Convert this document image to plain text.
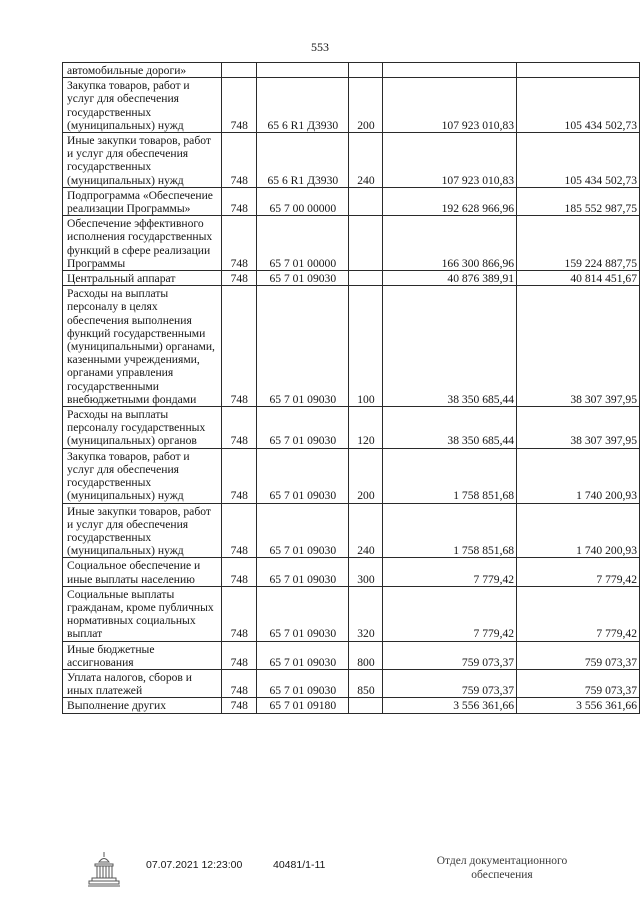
553
автомобильные дороги»					
Закупка товаров, работ и услуг для обеспечения государственных (муниципальных) нужд	748	65 6 R1 Д3930	200	107 923 010,83	105 434 502,73
Иные закупки товаров, работ и услуг для обеспечения государственных (муниципальных) нужд	748	65 6 R1 Д3930	240	107 923 010,83	105 434 502,73
Подпрограмма «Обеспечение реализации Программы»	748	65 7 00 00000		192 628 966,96	185 552 987,75
Обеспечение эффективного исполнения государственных функций в сфере реализации Программы	748	65 7 01 00000		166 300 866,96	159 224 887,75
Центральный аппарат	748	65 7 01 09030		40 876 389,91	40 814 451,67
Расходы на выплаты персоналу в целях обеспечения выполнения функций государственными (муниципальными) органами, казенными учреждениями, органами управления государственными внебюджетными фондами	748	65 7 01 09030	100	38 350 685,44	38 307 397,95
Расходы на выплаты персоналу государственных (муниципальных) органов	748	65 7 01 09030	120	38 350 685,44	38 307 397,95
Закупка товаров, работ и услуг для обеспечения государственных (муниципальных) нужд	748	65 7 01 09030	200	1 758 851,68	1 740 200,93
Иные закупки товаров, работ и услуг для обеспечения государственных (муниципальных) нужд	748	65 7 01 09030	240	1 758 851,68	1 740 200,93
Социальное обеспечение и иные выплаты населению	748	65 7 01 09030	300	7 779,42	7 779,42
Социальные выплаты гражданам, кроме публичных нормативных социальных выплат	748	65 7 01 09030	320	7 779,42	7 779,42
Иные бюджетные ассигнования	748	65 7 01 09030	800	759 073,37	759 073,37
Уплата налогов, сборов и иных платежей	748	65 7 01 09030	850	759 073,37	759 073,37
Выполнение других	748	65 7 01 09180		3 556 361,66	3 556 361,66
07.07.2021 12:23:00	40481/1-11	Отдел документационного
обеспечения
